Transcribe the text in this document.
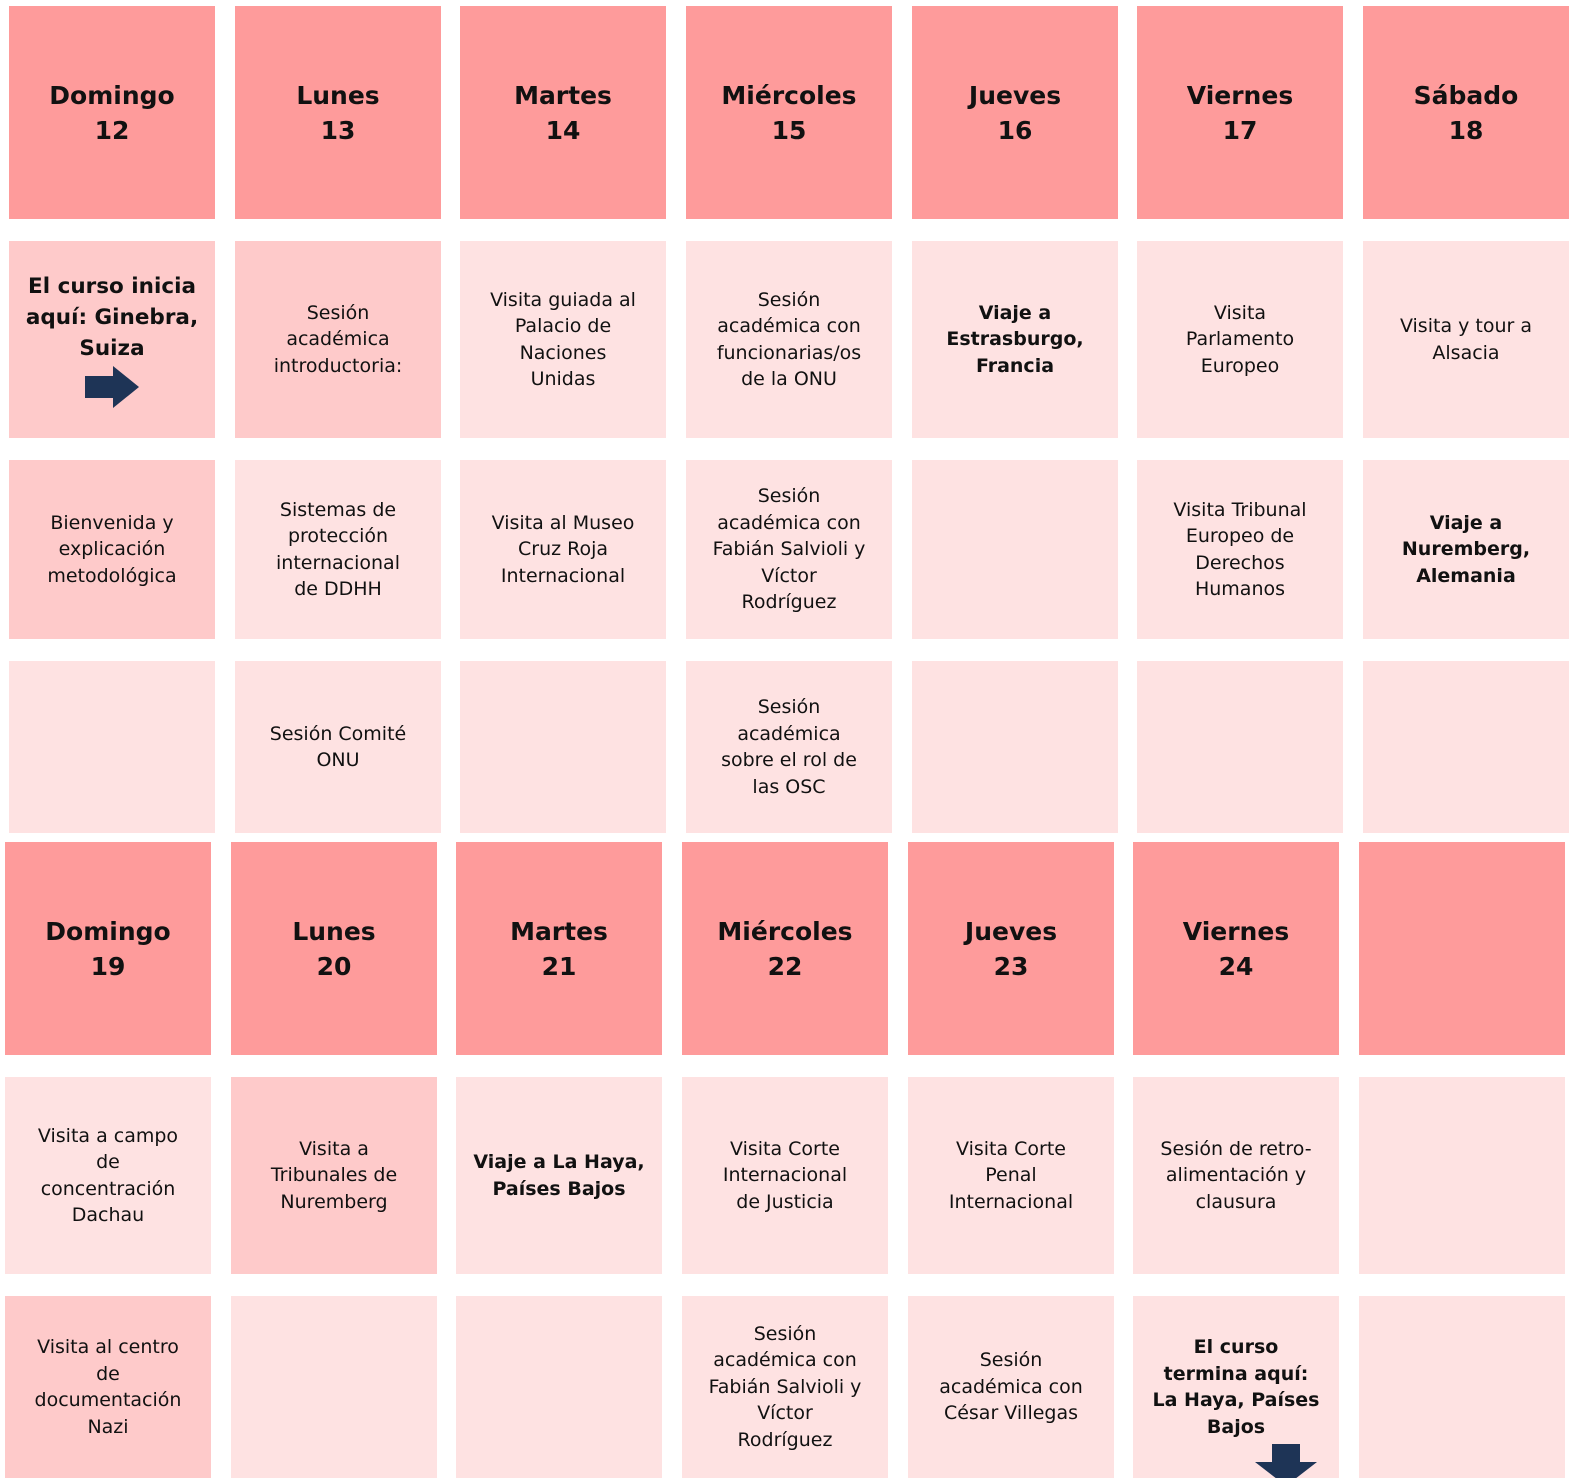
Domingo
12
Lunes
13
Martes
14
Miércoles
15
Jueves
16
Viernes
17
Sábado
18
El curso inicia
aquí: Ginebra,
Suiza
Sesión
académica
introductoria:
Visita guiada al
Palacio de
Naciones
Unidas
Sesión
académica con
funcionarias/os
de la ONU
Viaje a
Estrasburgo,
Francia
Visita
Parlamento
Europeo
Visita y tour a
Alsacia
Bienvenida y
explicación
metodológica
Sistemas de
protección
internacional
de DDHH
Visita al Museo
Cruz Roja
Internacional
Sesión
académica con
Fabián Salvioli y
Víctor
Rodríguez
Visita Tribunal
Europeo de
Derechos
Humanos
Viaje a
Nuremberg,
Alemania
Sesión Comité
ONU
Sesión
académica
sobre el rol de
las OSC
Domingo
19
Lunes
20
Martes
21
Miércoles
22
Jueves
23
Viernes
24
Visita a campo
de
concentración
Dachau
Visita a
Tribunales de
Nuremberg
Viaje a La Haya,
Países Bajos
Visita Corte
Internacional
de Justicia
Visita Corte
Penal
Internacional
Sesión de retro-
alimentación y
clausura
Visita al centro
de
documentación
Nazi
Sesión
académica con
Fabián Salvioli y
Víctor
Rodríguez
Sesión
académica con
César Villegas
El curso
termina aquí:
La Haya, Países
Bajos
